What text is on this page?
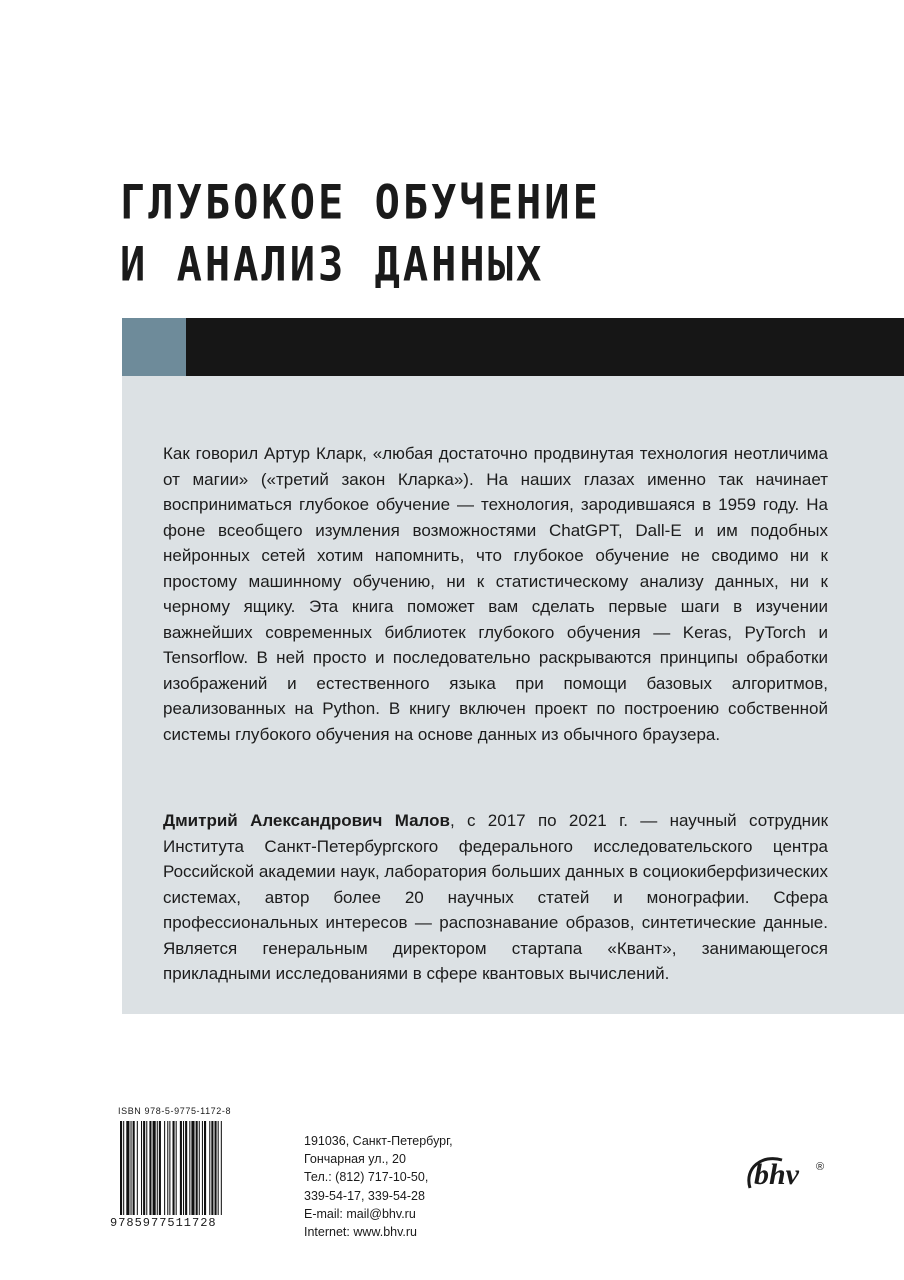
ГЛУБОКОЕ ОБУЧЕНИЕ
И АНАЛИЗ ДАННЫХ

Как говорил Артур Кларк, «любая достаточно продвинутая технология неотличима от магии» («третий закон Кларка»). На наших глазах именно так начинает восприниматься глубокое обучение — технология, зародившаяся в 1959 году. На фоне всеобщего изумления возможностями ChatGPT, Dall-E и им подобных нейронных сетей хотим напомнить, что глубокое обучение не сводимо ни к простому машинному обучению, ни к статистическому анализу данных, ни к черному ящику. Эта книга поможет вам сделать первые шаги в изучении важнейших современных библиотек глубокого обучения — Keras, PyTorch и Tensorflow. В ней просто и последовательно раскрываются принципы обработки изображений и естественного языка при помощи базовых алгоритмов, реализованных на Python. В книгу включен проект по построению собственной системы глубокого обучения на основе данных из обычного браузера.

Дмитрий Александрович Малов, с 2017 по 2021 г. — научный сотрудник Института Санкт-Петербургского федерального исследовательского центра Российской академии наук, лаборатория больших данных в социокиберфизических системах, автор более 20 научных статей и монографии. Сфера профессиональных интересов — распознавание образов, синтетические данные. Является генеральным директором стартапа «Квант», занимающегося прикладными исследованиями в сфере квантовых вычислений.

ISBN 978-5-9775-1172-8
9785977511728
191036, Санкт-Петербург,
Гончарная ул., 20
Тел.: (812) 717-10-50,
339-54-17, 339-54-28
E-mail: mail@bhv.ru
Internet: www.bhv.ru
bhv ®
